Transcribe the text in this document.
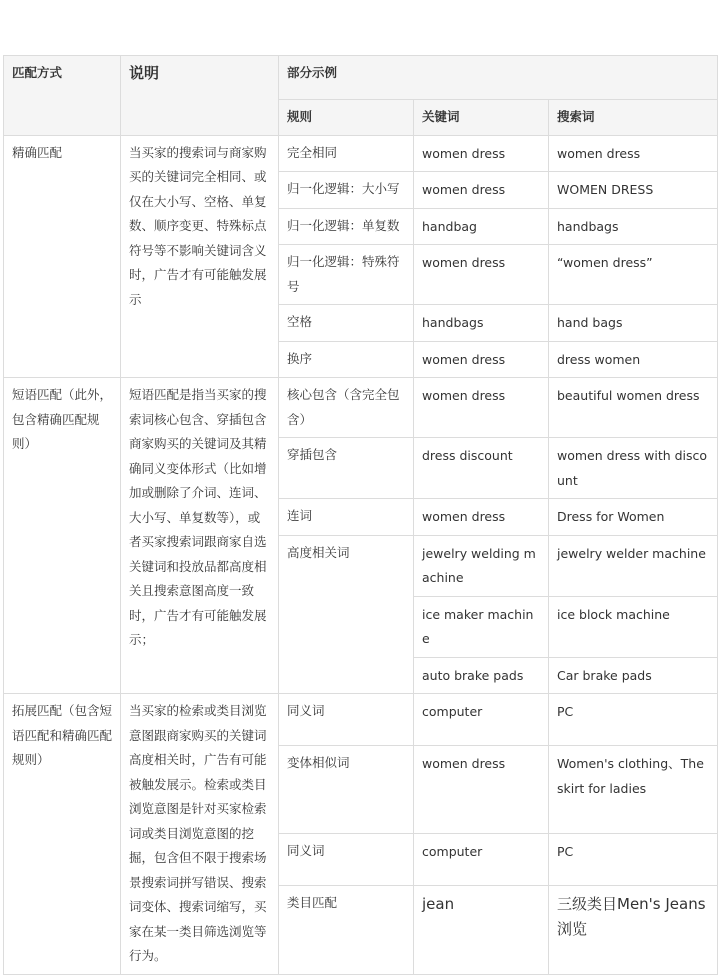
匹配方式	说明	部分示例		
		规则	关键词	搜索词
精确匹配	当买家的搜索词与商家购买的关键词完全相同、或仅在大小写、空格、单复数、顺序变更、特殊标点符号等不影响关键词含义时，广告才有可能触发展示	完全相同	women dress	women dress
		归一化逻辑：大小写	women dress	WOMEN DRESS
		归一化逻辑：单复数	handbag	handbags
		归一化逻辑：特殊符号	women dress	“women dress”
		空格	handbags	hand bags
		换序	women dress	dress women
短语匹配（此外，包含精确匹配规则）	短语匹配是指当买家的搜索词核心包含、穿插包含商家购买的关键词及其精确同义变体形式（比如增加或删除了介词、连词、大小写、单复数等），或者买家搜索词跟商家自选关键词和投放品都高度相关且搜索意图高度一致时，广告才有可能触发展示；	核心包含（含完全包含）	women dress	beautiful women dress
		穿插包含	dress discount	women dress with discount
		连词	women dress	Dress for Women
		高度相关词	jewelry welding machine	jewelry welder machine
			ice maker machine	ice block machine
			auto brake pads	Car brake pads
拓展匹配（包含短语匹配和精确匹配规则）	当买家的检索或类目浏览意图跟商家购买的关键词高度相关时，广告有可能被触发展示。检索或类目浏览意图是针对买家检索词或类目浏览意图的挖掘，包含但不限于搜索场景搜索词拼写错误、搜索词变体、搜索词缩写，买家在某一类目筛选浏览等行为。	同义词	computer	PC
		变体相似词	women dress	Women's clothing、The skirt for ladies
		同义词	computer	PC
		类目匹配	jean	三级类目Men's Jeans浏览
